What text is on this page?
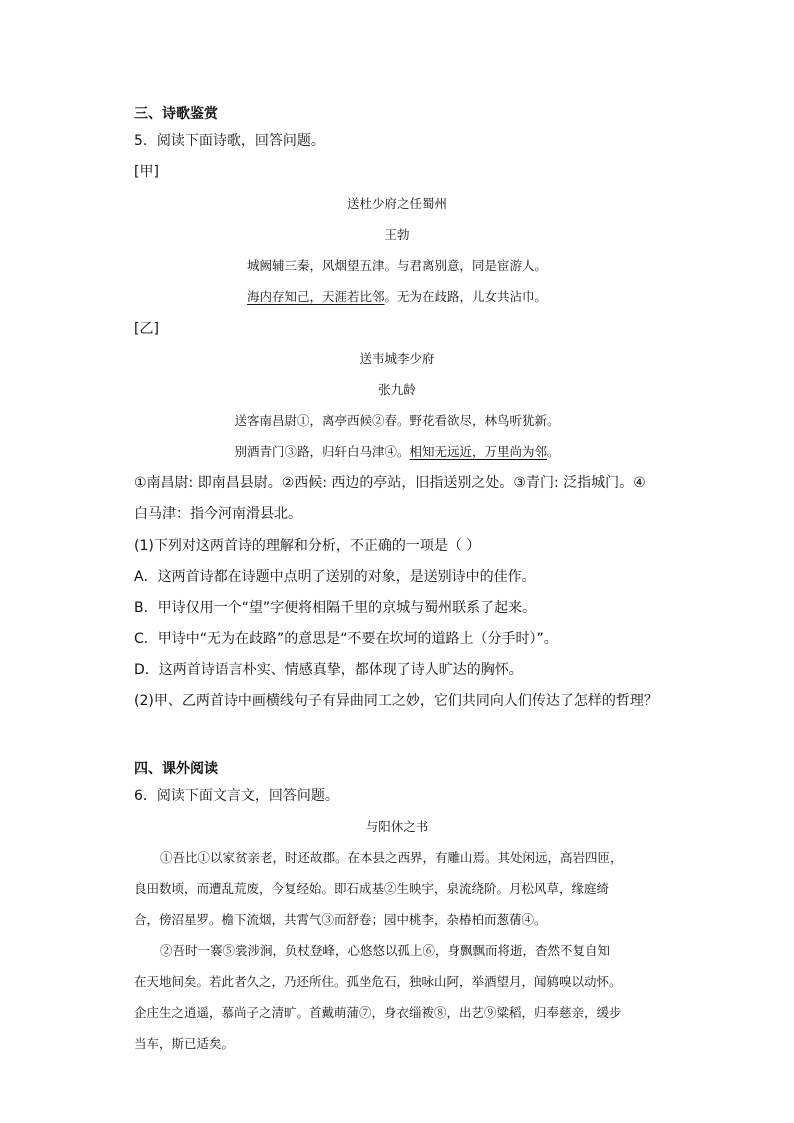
三、诗歌鉴赏
5．阅读下面诗歌，回答问题。
[甲]
送杜少府之任蜀州
王勃
城阙辅三秦，风烟望五津。与君离别意，同是宦游人。
海内存知己，天涯若比邻。无为在歧路，儿女共沾巾。
[乙]
送韦城李少府
张九龄
送客南昌尉①，离亭西候②春。野花看欲尽，林鸟听犹新。
别酒青门③路，归轩白马津④。相知无远近，万里尚为邻。
①南昌尉: 即南昌县尉。②西候: 西边的亭站，旧指送别之处。③青门: 泛指城门。④
白马津：指今河南滑县北。
(1)下列对这两首诗的理解和分析，不正确的一项是（ ）
A．这两首诗都在诗题中点明了送别的对象，是送别诗中的佳作。
B．甲诗仅用一个“望”字便将相隔千里的京城与蜀州联系了起来。
C．甲诗中“无为在歧路”的意思是“不要在坎坷的道路上（分手时）”。
D．这两首诗语言朴实、情感真挚，都体现了诗人旷达的胸怀。
(2)甲、乙两首诗中画横线句子有异曲同工之妙，它们共同向人们传达了怎样的哲理？
四、课外阅读
6．阅读下面文言文，回答问题。
与阳休之书
①吾比①以家贫亲老，时还故郡。在本县之西界，有雕山焉。其处闲远，高岩四匝，
良田数顷，而遭乱荒废，今复经始。即石成基②生映宇，泉流绕阶。月松风草，缘庭绮
合，傍沼星罗。檐下流烟，共霄气③而舒卷；园中桃李，杂椿柏而葱蒨④。
②吾时一褰⑤裳涉涧，负杖登峰，心悠悠以孤上⑥，身飘飘而将逝，杳然不复自知
在天地间矣。若此者久之，乃还所住。孤坐危石，独咏山阿，举酒望月，闻鸫嗅以动怀。
企庄生之逍遥，慕尚子之清旷。首戴萌蒲⑦，身衣缁袯⑧，出艺⑨粱稻，归奉慈亲，缓步
当车，斯已适矣。
